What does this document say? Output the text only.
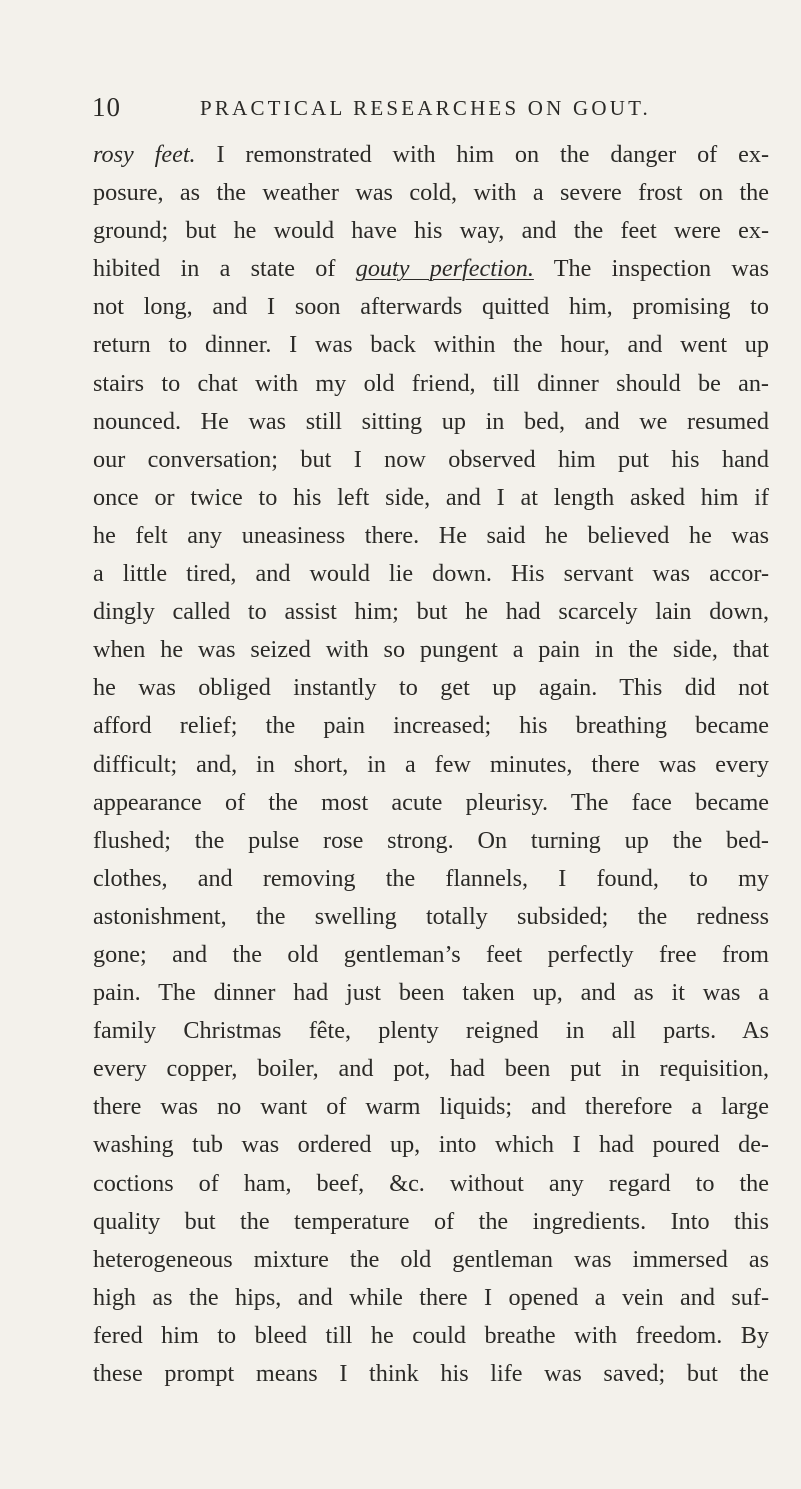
10	PRACTICAL RESEARCHES ON GOUT.
rosy feet. I remonstrated with him on the danger of ex-
posure, as the weather was cold, with a severe frost on the
ground; but he would have his way, and the feet were ex-
hibited in a state of gouty perfection. The inspection was
not long, and I soon afterwards quitted him, promising to
return to dinner. I was back within the hour, and went up
stairs to chat with my old friend, till dinner should be an-
nounced. He was still sitting up in bed, and we resumed
our conversation; but I now observed him put his hand
once or twice to his left side, and I at length asked him if
he felt any uneasiness there. He said he believed he was
a little tired, and would lie down. His servant was accor-
dingly called to assist him; but he had scarcely lain down,
when he was seized with so pungent a pain in the side, that
he was obliged instantly to get up again. This did not
afford relief; the pain increased; his breathing became
difficult; and, in short, in a few minutes, there was every
appearance of the most acute pleurisy. The face became
flushed; the pulse rose strong. On turning up the bed-
clothes, and removing the flannels, I found, to my
astonishment, the swelling totally subsided; the redness
gone; and the old gentleman’s feet perfectly free from
pain. The dinner had just been taken up, and as it was a
family Christmas fête, plenty reigned in all parts. As
every copper, boiler, and pot, had been put in requisition,
there was no want of warm liquids; and therefore a large
washing tub was ordered up, into which I had poured de-
coctions of ham, beef, &c. without any regard to the
quality but the temperature of the ingredients. Into this
heterogeneous mixture the old gentleman was immersed as
high as the hips, and while there I opened a vein and suf-
fered him to bleed till he could breathe with freedom. By
these prompt means I think his life was saved; but the
